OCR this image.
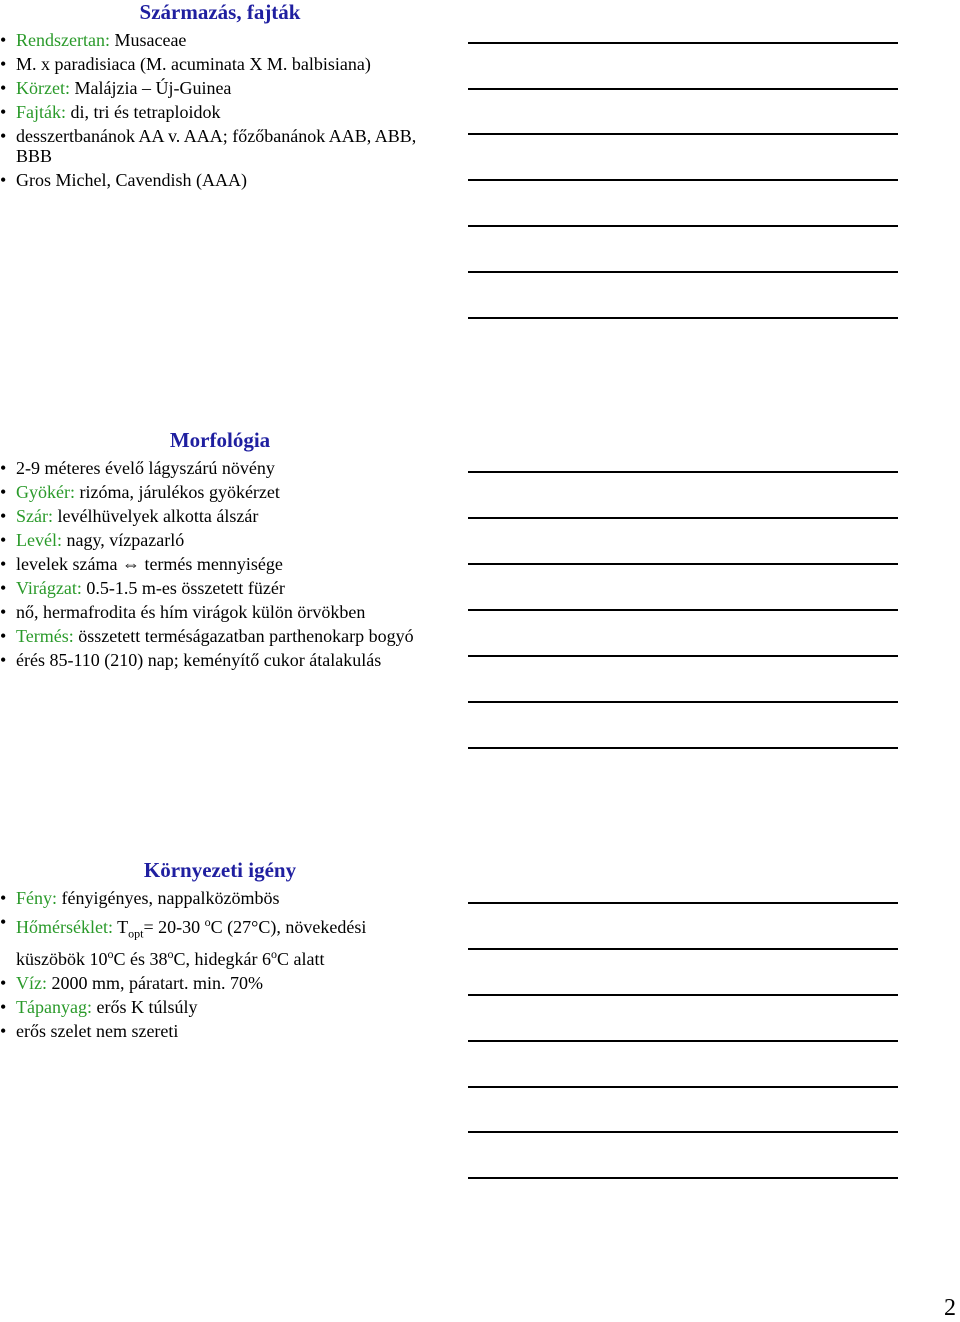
Származás, fajták
• Rendszertan: Musaceae
• M. x paradisiaca (M. acuminata X M. balbisiana)
• Körzet: Malájzia – Új-Guinea
• Fajták: di, tri és tetraploidok
• desszertbanánok AA v. AAA; főzőbanánok AAB, ABB, BBB
• Gros Michel, Cavendish (AAA)
Morfológia
• 2-9 méteres évelő lágyszárú növény
• Gyökér: rizóma, járulékos gyökérzet
• Szár: levélhüvelyek alkotta álszár
• Levél: nagy, vízpazarló
• levelek száma ⇔ termés mennyisége
• Virágzat: 0.5-1.5 m-es összetett füzér
• nő, hermafrodita és hím virágok külön örvökben
• Termés: összetett terméságazatban parthenokarp bogyó
• érés 85-110 (210) nap; keményítő cukor átalakulás
Környezeti igény
• Fény: fényigényes, nappalközömbös
• Hőmérséklet: $T_{opt}= 20-30$ $^o$C (27°C), növekedési küszöbök 10$^o$C és 38$^o$C, hidegkár 6$^o$C alatt
• Víz: 2000 mm, páratart. min. 70%
• Tápanyag: erős K túlsúly
• erős szelet nem szereti
2
